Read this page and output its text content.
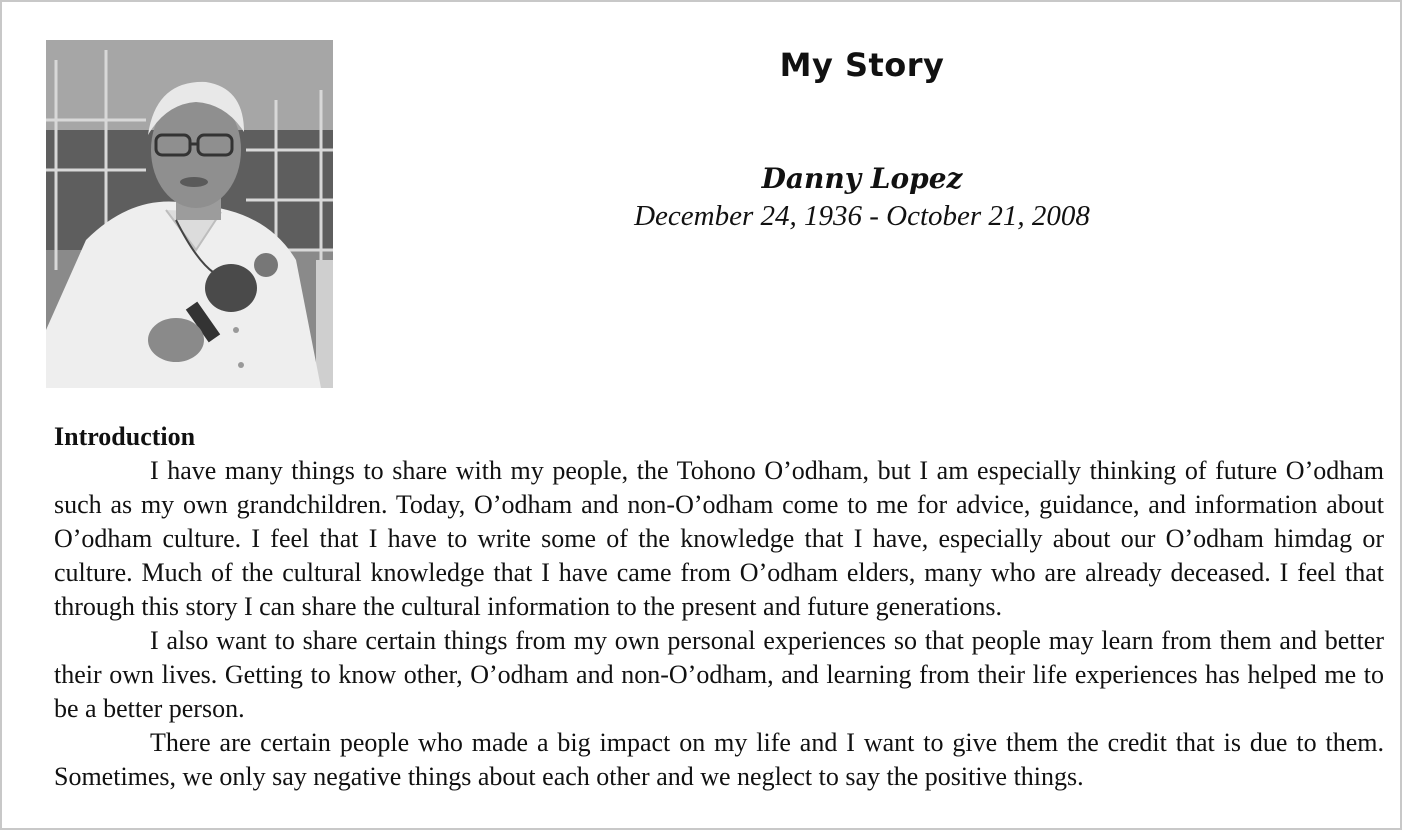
My Story
Danny Lopez
December 24, 1936 - October 21, 2008
Introduction

I have many things to share with my people, the Tohono O’odham, but I am especially thinking of future O’odham such as my own grandchildren. Today, O’odham and non-O’odham come to me for advice, guidance, and information about O’odham culture. I feel that I have to write some of the knowledge that I have, especially about our O’odham himdag or culture. Much of the cultural knowledge that I have came from O’odham elders, many who are already deceased. I feel that through this story I can share the cultural information to the present and future generations.

I also want to share certain things from my own personal experiences so that people may learn from them and better their own lives. Getting to know other, O’odham and non-O’odham, and learning from their life experiences has helped me to be a better person.

There are certain people who made a big impact on my life and I want to give them the credit that is due to them. Sometimes, we only say negative things about each other and we neglect to say the positive things.
